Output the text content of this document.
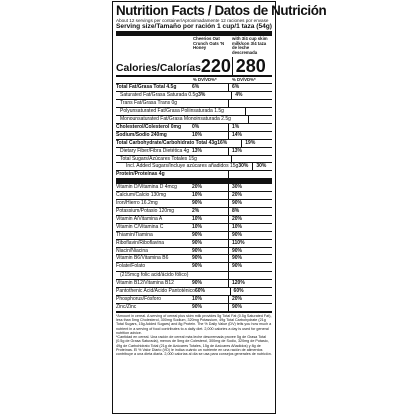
Nutrition Facts / Datos de Nutrición
About 12 servings per container/Aproximadamente 12 raciones por envase
Serving size/Tamaño por ración 1 cup/1 taza (54g)
Cheerios Oat Crunch Oats 'N Honey
with 3/4 cup skim milk/con 3/4 taza de leche descremada
Calories/Calorías 220 280
% DV/VD%*	% DV/VD%*
Total Fat/Grasa Total 4.5g	6%	6%
Saturated Fat/Grasa Saturada 0.5g 3%	4%
Trans Fat/Grasa Trans 0g
Polyunsaturated Fat/Grasa Poliinsaturada 1.5g
Monounsaturated Fat/Grasa Monoinsaturada 2.5g
Cholesterol/Colesterol 0mg	0%	1%
Sodium/Sodio 240mg	10%	14%
Total Carbohydrate/Carbohidrato Total 43g 16%	19%
Dietary Fiber/Fibra Dietética 4g 13%	13%
Total Sugars/Azúcares Totales 15g
Incl. Added Sugars/Incluye azúcares añadidos 15g 30%	30%
Protein/Proteínas 4g
Vitamin D/Vitamina D 4mcg	20%	30%
Calcium/Calcio 130mg	10%	20%
Iron/Hierro 16.2mg	90%	90%
Potassium/Potasio 120mg	2%	8%
Vitamin A/Vitamina A	10%	20%
Vitamin C/Vitamina C	10%	10%
Thiamin/Tiamina	90%	90%
Riboflavin/Riboflavina	90%	110%
Niacin/Niacina	90%	90%
Vitamin B6/Vitamina B6	90%	90%
Folate/Folato	90%	90%
(215mcg folic acid/ácido fólico)
Vitamin B12/Vitamina B12	90%	120%
Pantothenic Acid/Ácido Pantoténico 60%	60%
Phosphorus/Fósforo	10%	20%
Zinc/Zinc	90%	90%
*Amount in cereal. A serving of cereal plus skim milk provides 5g Total Fat (0.5g Saturated Fat), less than 5mg Cholesterol, 300mg Sodium, 320mg Potassium, 49g Total Carbohydrate (21g Total Sugars, 15g Added Sugars) and 8g Protein. The % Daily Value (DV) tells you how much a nutrient in a serving of food contributes to a daily diet. 2,000 calories a day is used for general nutrition advice.
*Cantidad en cereal. Una ración de cereal más leche descremada provee 5g de Grasa Total (0.5g de Grasa Saturada), menos de 5mg de Colesterol, 300mg de Sodio, 320mg de Potasio, 49g de Carbohidrato Total (21g de Azúcares Totales, 15g de Azúcares Añadidos) y 8g de Proteínas. El % Valor Diario (VD) le indica cuánto un nutriente en una ración de alimentos contribuye a una dieta diaria. 2,000 calorías al día se usa para consejos generales de nutrición.
